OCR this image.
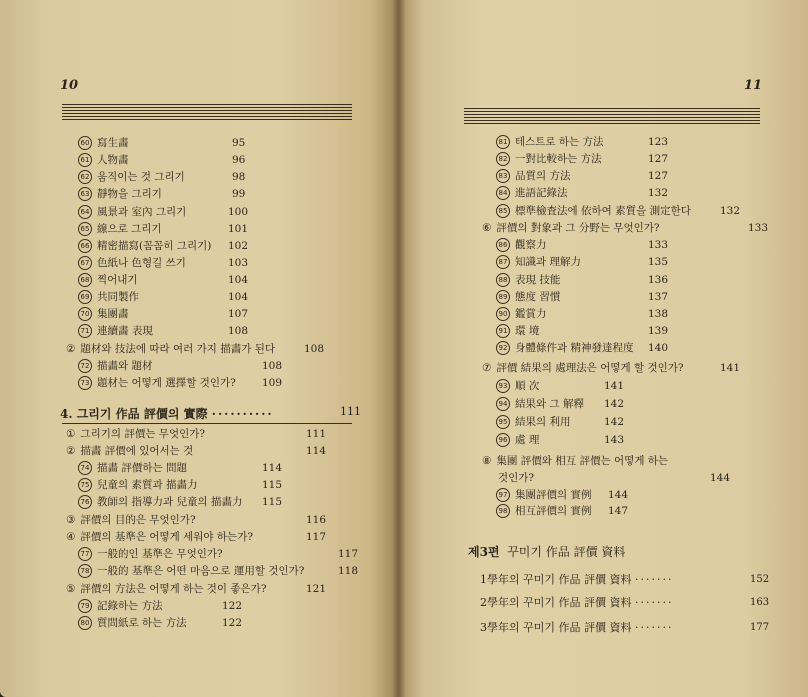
10
60 寫生畵	95
61 人物畵	96
62 움직이는 것 그리기	98
63 靜物을 그리기	99
64 風景과 室內 그리기	100
65 線으로 그리기	101
66 精密描寫(꼼꼼히 그리기) 102
67 色紙나 色형길 쓰기	103
68 찍어내기	104
69 共同製作	104
70 集團畵	107
71 連續畵 表現	108
② 題材와 技法에 따라 여러 가지 描畵가 된다	108
72 描畵와 題材	108
73 題材는 어떻게 選擇할 것인가? 109
4. 그리기 作品 評價의 實際 ··········	111
① 그리기의 評價는 무엇인가?	111
② 描畵 評價에 있어서는 것	114
74 描畵 評價하는 問題	114
75 兒童의 素質과 描畵力	115
76 教師의 指導力과 兒童의 描畵力 115
③ 評價의 目的은 무엇인가?	116
④ 評價의 基準은 어떻게 세워야 하는가?	117
77 一般的인 基準은 무엇인가?	117
78 一般的 基準은 어떤 마음으로 運用할 것인가?	118
⑤ 評價의 方法은 어떻게 하는 것이 좋은가?	121
79 記錄하는 方法	122
80 質問紙로 하는 方法	122
11
81 테스트로 하는 方法	123
82 一對比較하는 方法	127
83 品質의 方法	127
84 進語記錄法	132
85 標準檢査法에 依하여 素質을 測定한다	132
⑥ 評價의 對象과 그 分野는 무엇인가?	133
86 觀察力	133
87 知識과 理解力	135
88 表現 技能	136
89 態度 習慣	137
90 鑑賞力	138
91 環 境	139
92 身體條件과 精神發達程度 140
⑦ 評價 結果의 處理法은 어떻게 할 것인가?	141
93 順 次	141
94 結果와 그 解釋 142
95 結果의 利用	142
96 處 理	143
⑧ 集團 評價와 相互 評價는 어떻게 하는
것인가?	144
97 集團評價의 實例 144
98 相互評價의 實例 147
제3편 꾸미기 作品 評價 資料
1學年의 꾸미기 作品 評價 資料 ·······	152
2學年의 꾸미기 作品 評價 資料 ·······	163
3學年의 꾸미기 作品 評價 資料 ·······	177
